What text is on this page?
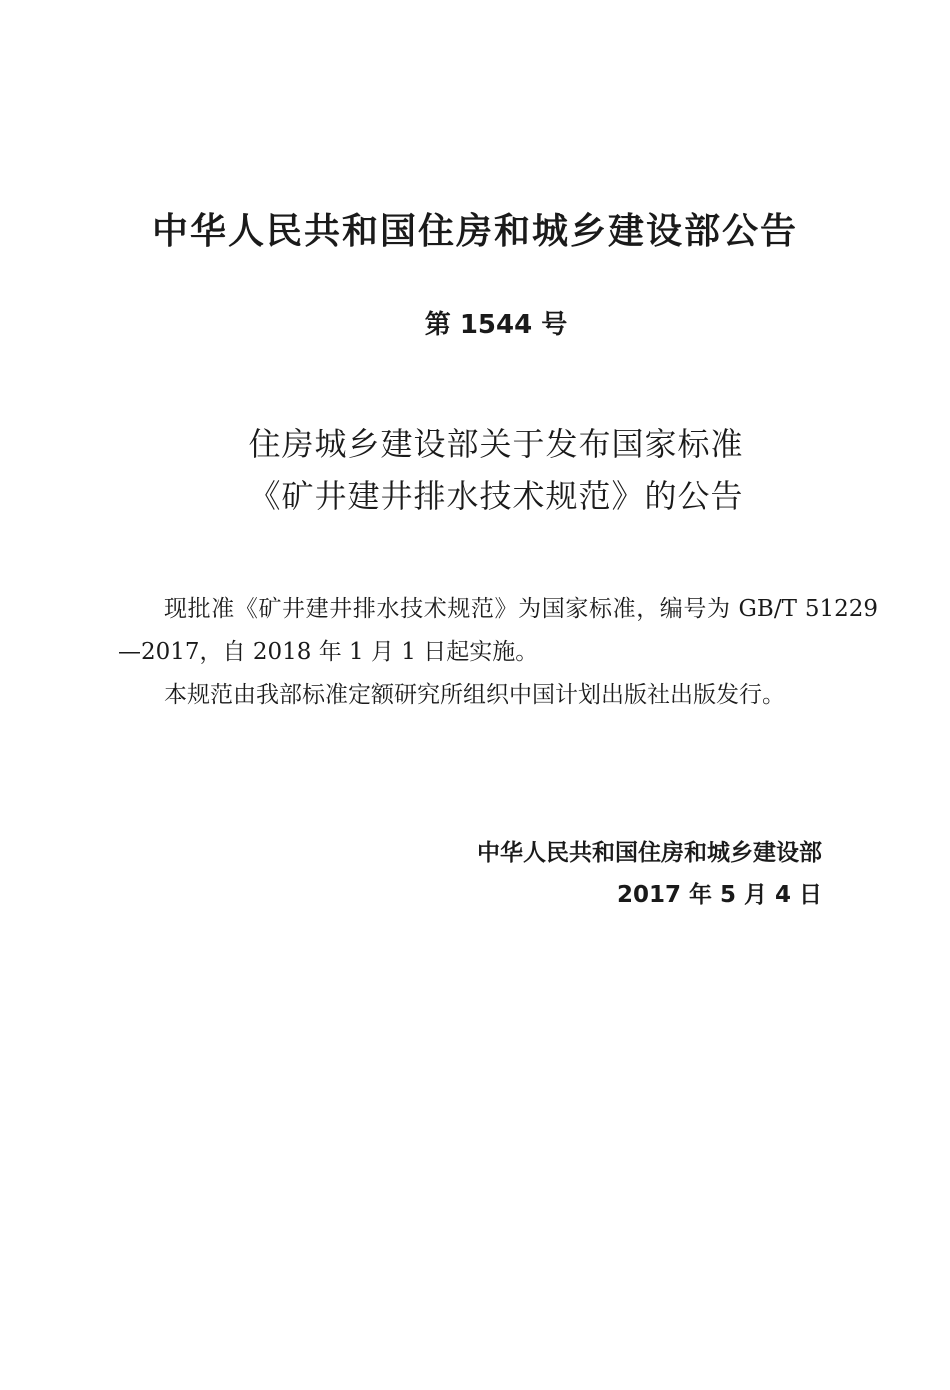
中华人民共和国住房和城乡建设部公告
第 1544 号
住房城乡建设部关于发布国家标准
《矿井建井排水技术规范》的公告

现批准《矿井建井排水技术规范》为国家标准，编号为 GB/T 51229—2017，自 2018 年 1 月 1 日起实施。

本规范由我部标准定额研究所组织中国计划出版社出版发行。

中华人民共和国住房和城乡建设部
2017 年 5 月 4 日
